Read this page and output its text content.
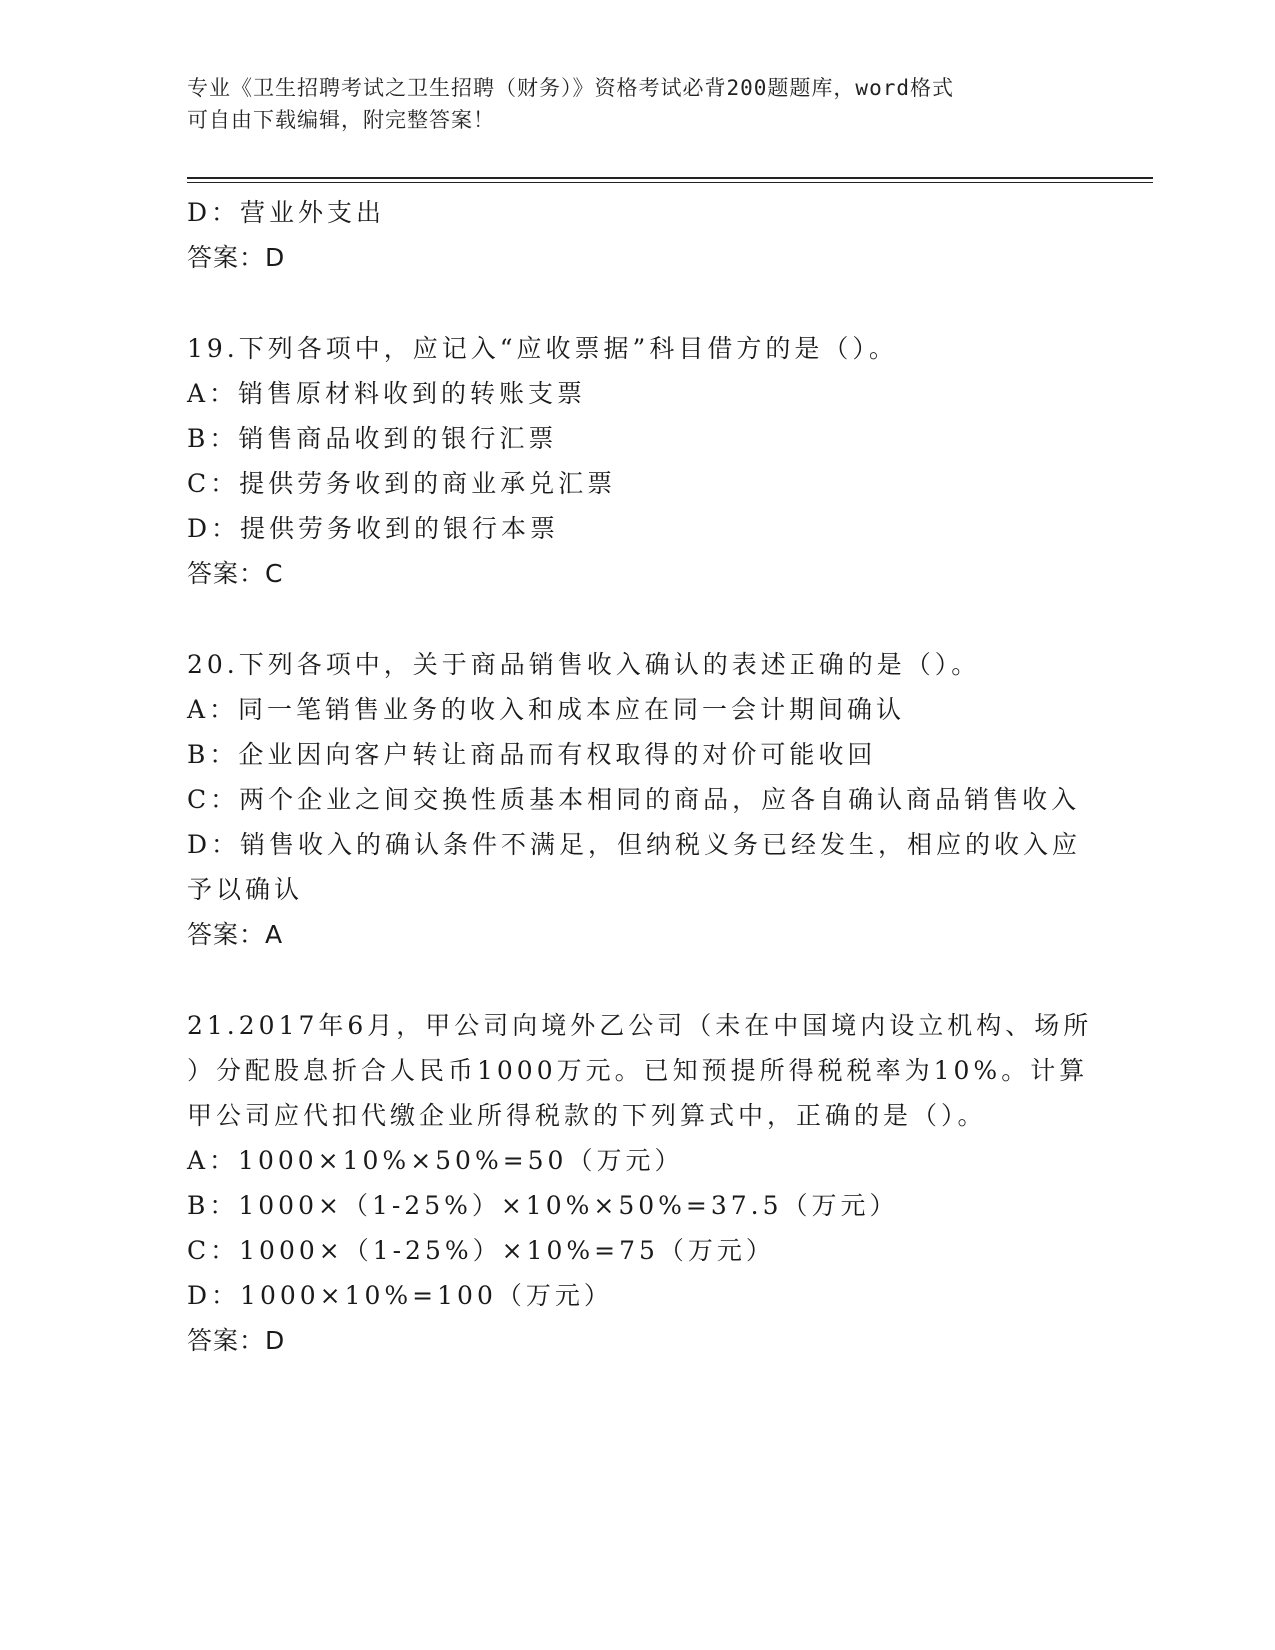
专业《卫生招聘考试之卫生招聘（财务）》资格考试必背200题题库，word格式
可自由下载编辑，附完整答案！
D：营业外支出
答案：D
19.下列各项中，应记入“应收票据”科目借方的是（）。
A：销售原材料收到的转账支票
B：销售商品收到的银行汇票
C：提供劳务收到的商业承兑汇票
D：提供劳务收到的银行本票
答案：C
20.下列各项中，关于商品销售收入确认的表述正确的是（）。
A：同一笔销售业务的收入和成本应在同一会计期间确认
B：企业因向客户转让商品而有权取得的对价可能收回
C：两个企业之间交换性质基本相同的商品，应各自确认商品销售收入
D：销售收入的确认条件不满足，但纳税义务已经发生，相应的收入应
予以确认
答案：A
21.2017年6月，甲公司向境外乙公司（未在中国境内设立机构、场所
）分配股息折合人民币1000万元。已知预提所得税税率为10%。计算
甲公司应代扣代缴企业所得税款的下列算式中，正确的是（）。
A：1000×10%×50%=50（万元）
B：1000×（1-25%）×10%×50%=37.5（万元）
C：1000×（1-25%）×10%=75（万元）
D：1000×10%=100（万元）
答案：D
